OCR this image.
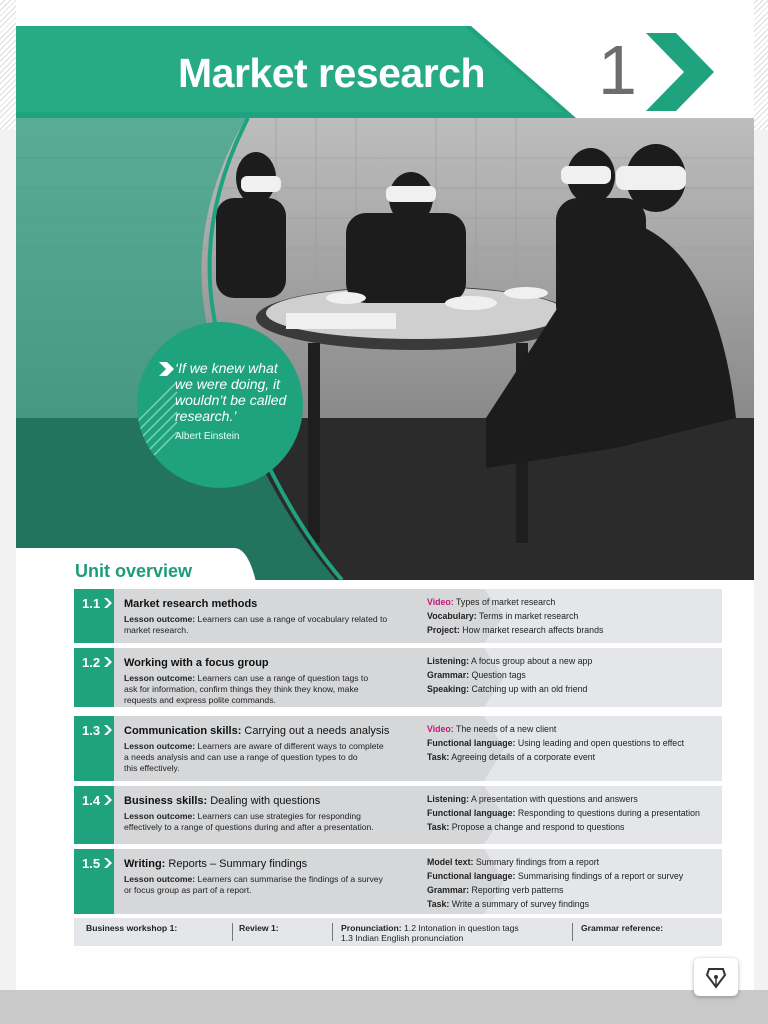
Market research 1
‘If we knew what we were doing, it wouldn’t be called research.’
Albert Einstein
Unit overview
1.1 Market research methods
Lesson outcome: Learners can use a range of vocabulary related to
market research.
Video: Types of market research
Vocabulary: Terms in market research
Project: How market research affects brands
1.2 Working with a focus group
Lesson outcome: Learners can use a range of question tags to
ask for information, confirm things they think they know, make
requests and express polite commands.
Listening: A focus group about a new app
Grammar: Question tags
Speaking: Catching up with an old friend
1.3 Communication skills: Carrying out a needs analysis
Lesson outcome: Learners are aware of different ways to complete
a needs analysis and can use a range of question types to do
this effectively.
Video: The needs of a new client
Functional language: Using leading and open questions to effect
Task: Agreeing details of a corporate event
1.4 Business skills: Dealing with questions
Lesson outcome: Learners can use strategies for responding
effectively to a range of questions during and after a presentation.
Listening: A presentation with questions and answers
Functional language: Responding to questions during a presentation
Task: Propose a change and respond to questions
1.5 Writing: Reports – Summary findings
Lesson outcome: Learners can summarise the findings of a survey
or focus group as part of a report.
Model text: Summary findings from a report
Functional language: Summarising findings of a report or survey
Grammar: Reporting verb patterns
Task: Write a summary of survey findings
Business workshop 1:	Review 1:	Pronunciation: 1.2 Intonation in question tags
1.3 Indian English pronunciation
Grammar reference:
